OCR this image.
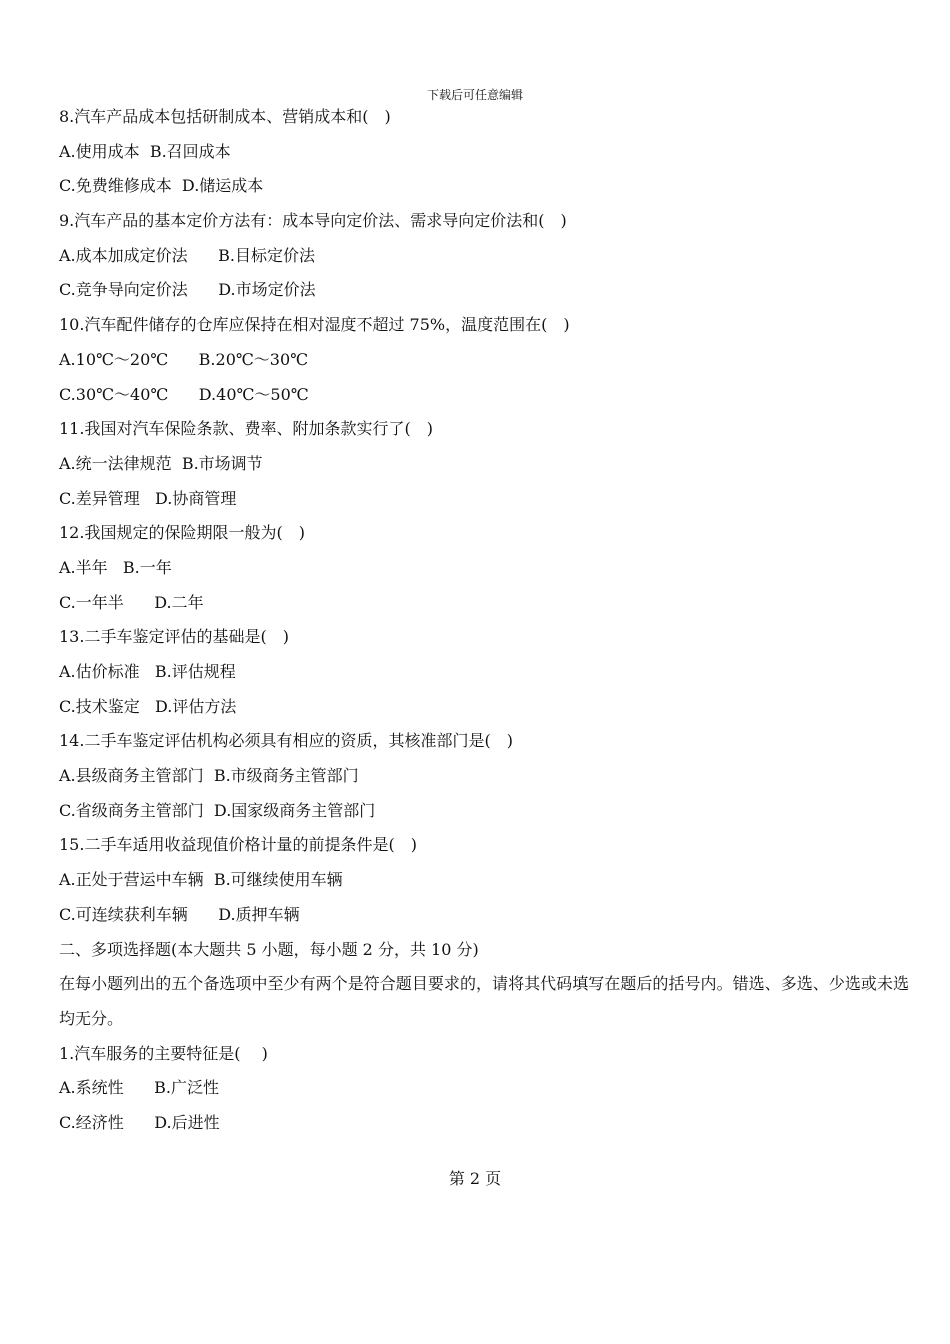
下载后可任意编辑
8.汽车产品成本包括研制成本、营销成本和(　)
A.使用成本  B.召回成本
C.免费维修成本  D.储运成本
9.汽车产品的基本定价方法有：成本导向定价法、需求导向定价法和(　)
A.成本加成定价法      B.目标定价法
C.竞争导向定价法      D.市场定价法
10.汽车配件储存的仓库应保持在相对湿度不超过 75%，温度范围在(　)
A.10℃～20℃      B.20℃～30℃
C.30℃～40℃      D.40℃～50℃
11.我国对汽车保险条款、费率、附加条款实行了(　)
A.统一法律规范  B.市场调节
C.差异管理   D.协商管理
12.我国规定的保险期限一般为(　)
A.半年   B.一年
C.一年半      D.二年
13.二手车鉴定评估的基础是(　)
A.估价标准   B.评估规程
C.技术鉴定   D.评估方法
14.二手车鉴定评估机构必须具有相应的资质，其核准部门是(　)
A.县级商务主管部门  B.市级商务主管部门
C.省级商务主管部门  D.国家级商务主管部门
15.二手车适用收益现值价格计量的前提条件是(　)
A.正处于营运中车辆  B.可继续使用车辆
C.可连续获利车辆      D.质押车辆
二、多项选择题(本大题共 5 小题，每小题 2 分，共 10 分)
在每小题列出的五个备选项中至少有两个是符合题目要求的，请将其代码填写在题后的括号内。错选、多选、少选或未选均无分。
1.汽车服务的主要特征是(　 )
A.系统性      B.广泛性
C.经济性      D.后进性
第 2 页
